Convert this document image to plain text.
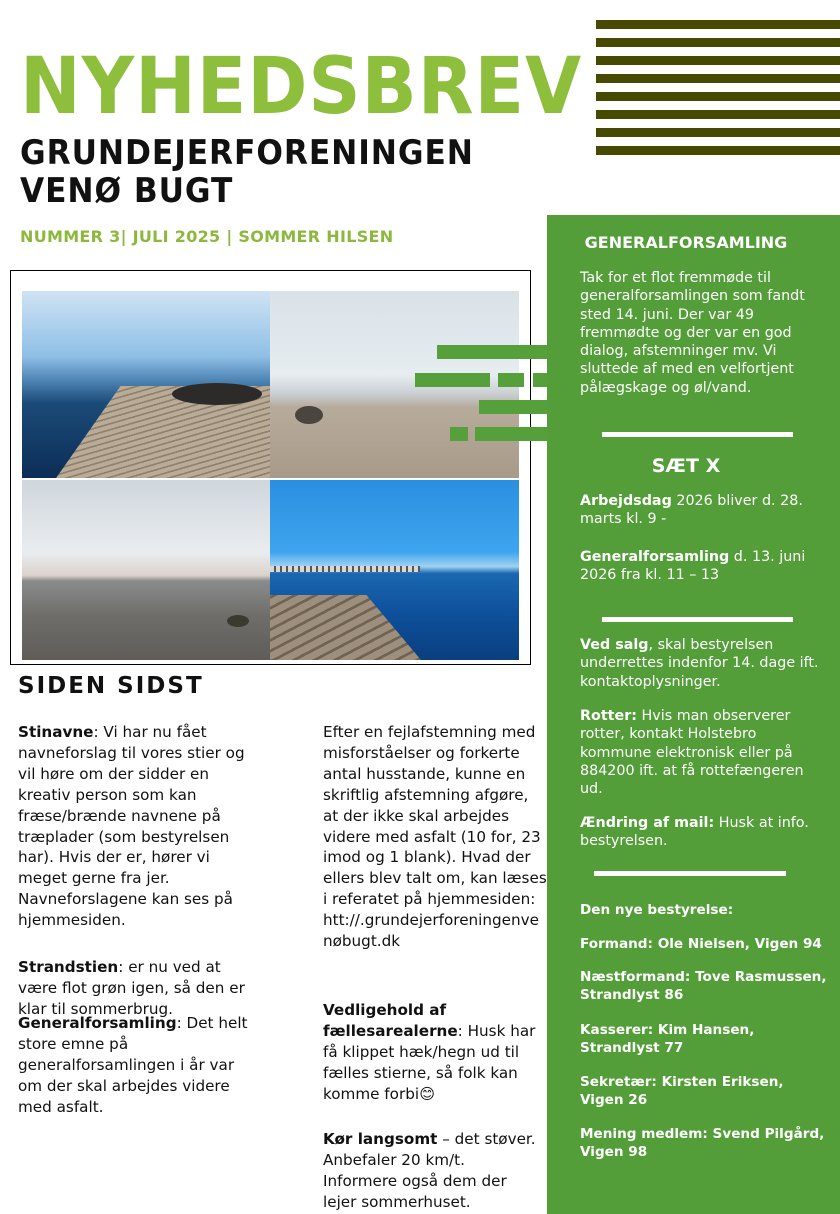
NYHEDSBREV
GRUNDEJERFORENINGEN
VENØ BUGT
NUMMER 3| JULI 2025 | SOMMER HILSEN
SIDEN SIDST

Stinavne: Vi har nu fået navneforslag til vores stier og vil høre om der sidder en kreativ person som kan fræse/brænde navnene på træplader (som bestyrelsen har). Hvis der er, hører vi meget gerne fra jer. Navneforslagene kan ses på hjemmesiden.

Strandstien: er nu ved at være flot grøn igen, så den er klar til sommerbrug.

Generalforsamling: Det helt store emne på generalforsamlingen i år var om der skal arbejdes videre med asfalt.

Efter en fejlafstemning med misforståelser og forkerte antal husstande, kunne en skriftlig afstemning afgøre, at der ikke skal arbejdes videre med asfalt (10 for, 23 imod og 1 blank). Hvad der ellers blev talt om, kan læses i referatet på hjemmesiden: htt://.grundejerforeningenvenøbugt.dk

Vedligehold af fællesarealerne: Husk har få klippet hæk/hegn ud til fælles stierne, så folk kan komme forbi😊

Kør langsomt – det støver. Anbefaler 20 km/t. Informere også dem der lejer sommerhuset.

GENERALFORSAMLING

Tak for et flot fremmøde til generalforsamlingen som fandt sted 14. juni. Der var 49 fremmødte og der var en god dialog, afstemninger mv. Vi sluttede af med en velfortjent pålægskage og øl/vand.

SÆT X

Arbejdsdag 2026 bliver d. 28. marts kl. 9 -

Generalforsamling d. 13. juni 2026 fra kl. 11 – 13

Ved salg, skal bestyrelsen underrettes indenfor 14. dage ift. kontaktoplysninger.

Rotter: Hvis man observerer rotter, kontakt Holstebro kommune elektronisk eller på 884200 ift. at få rottefængeren ud.

Ændring af mail: Husk at info. bestyrelsen.

Den nye bestyrelse:
Formand: Ole Nielsen, Vigen 94
Næstformand: Tove Rasmussen, Strandlyst 86
Kasserer: Kim Hansen, Strandlyst 77
Sekretær: Kirsten Eriksen, Vigen 26
Mening medlem: Svend Pilgård, Vigen 98
